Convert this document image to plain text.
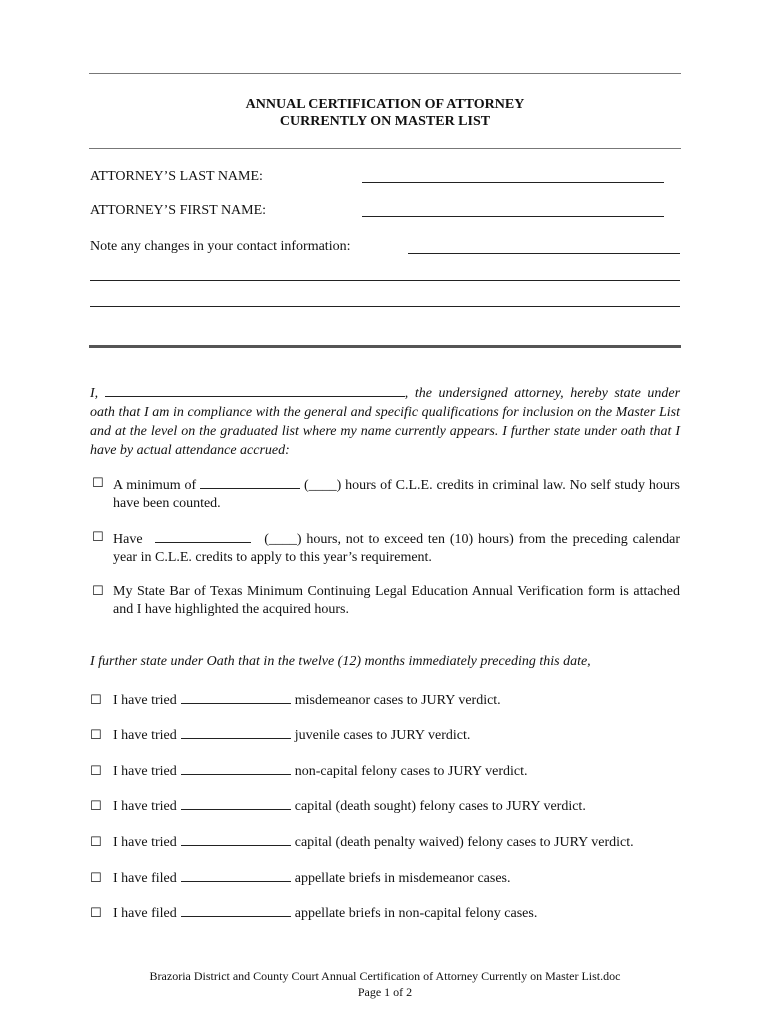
ANNUAL CERTIFICATION OF ATTORNEY
CURRENTLY ON MASTER LIST
ATTORNEY’S LAST NAME:
ATTORNEY’S FIRST NAME:
Note any changes in your contact information:
I,	, the undersigned attorney, hereby state under oath that I am in compliance with the general and specific qualifications for inclusion on the Master List and at the level on the graduated list where my name currently appears. I further state under oath that I have by actual attendance accrued:
☐
A minimum of	(____) hours of C.L.E. credits in criminal law. No self study hours have been counted.
☐
Have	(____) hours, not to exceed ten (10) hours) from the preceding calendar year in C.L.E. credits to apply to this year’s requirement.
☐
My State Bar of Texas Minimum Continuing Legal Education Annual Verification form is attached and I have highlighted the acquired hours.
I further state under Oath that in the twelve (12) months immediately preceding this date,
☐I have tried	misdemeanor cases to JURY verdict.
☐I have tried	juvenile cases to JURY verdict.
☐I have tried	non-capital felony cases to JURY verdict.
☐I have tried	capital (death sought) felony cases to JURY verdict.
☐I have tried	capital (death penalty waived) felony cases to JURY verdict.
☐I have filed	appellate briefs in misdemeanor cases.
☐I have filed	appellate briefs in non-capital felony cases.
Brazoria District and County Court Annual Certification of Attorney Currently on Master List.doc
Page 1 of 2
